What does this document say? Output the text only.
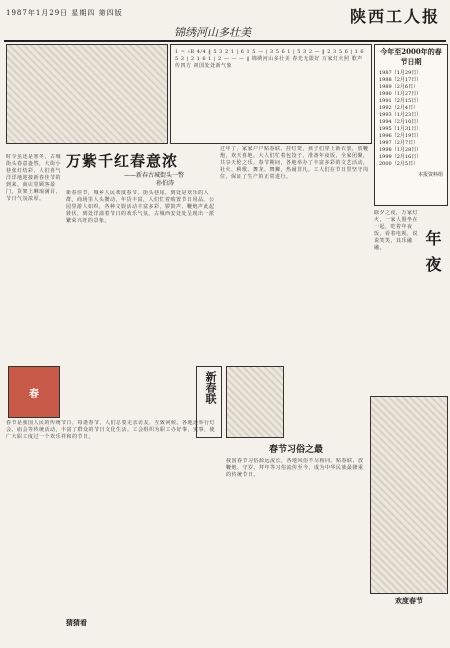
1987年1月29日 星期四 第四版
锦绣河山多壮美
陕西工人报
1 = ♭B 4/4 ‖ 5 3 2 1 | 6 1 5 — | 3 5 6 1 | 5 3 2 — ‖ 2 3 5 6 | 1 6 5 3 | 2 1 6 1 | 2 — — — ‖ 锦绣河山多壮美 春光无限好 万家灯火照 歌声传四方 祖国处处新气象
今年至2000年的春节日期
1987（1月29日）
1988（2月17日）
1989（2月6日）
1990（1月27日）
1991（2月15日）
1992（2月4日）
1993（1月23日）
1994（2月10日）
1995（1月31日）
1996（2月19日）
1997（2月7日）
1998（1月28日）
1999（2月16日）
2000（2月5日）
本报资料组
万紫千红春意浓
——新春古城街头一瞥
孙伯涛
时令虽还是寒冬，古城街头春意盎然，大街小巷张灯结彩，人们喜气洋洋地迎接新春佳节的到来。商店里顾客盈门，货架上琳琅满目，节日气氛浓厚。
新春佳节，城乡人民欢度春节。街头巷尾，到处是欢乐的人群。商场里人头攒动，年货丰富，人们忙着购置节日用品。公园里游人如织，各种文娱活动丰富多彩，锣鼓声、鞭炮声此起彼伏，到处洋溢着节日的欢乐气氛。古城西安处处呈现出一派繁荣兴旺的景象。
过年了，家家户户贴春联、挂灯笼，孩子们穿上新衣裳，放鞭炮，欢天喜地。大人们忙着包饺子，准备年夜饭，全家团聚，共享天伦之乐。春节期间，各地举办了丰富多彩的文艺活动，社火、秧歌、舞龙、舞狮，热闹非凡。工人们在节日里坚守岗位，保证了生产的正常进行。
春	新春联
春节习俗之最
我国春节习俗源远流长，各地风俗不尽相同。贴春联、放鞭炮、守岁、拜年等习俗流传至今，成为中华民族最隆重的传统节日。
年夜
除夕之夜，万家灯火，一家人围坐在一起，吃着年夜饭，看着电视，说说笑笑，其乐融融。
春节是我国人民的传统节日，每逢春节，人们总要走亲访友，互致问候。各地还举行灯会、庙会等传统活动，丰富了群众的节日文化生活。工会组织为职工办好事、实事，使广大职工度过一个欢乐祥和的节日。
猜猜看
欢度春节
